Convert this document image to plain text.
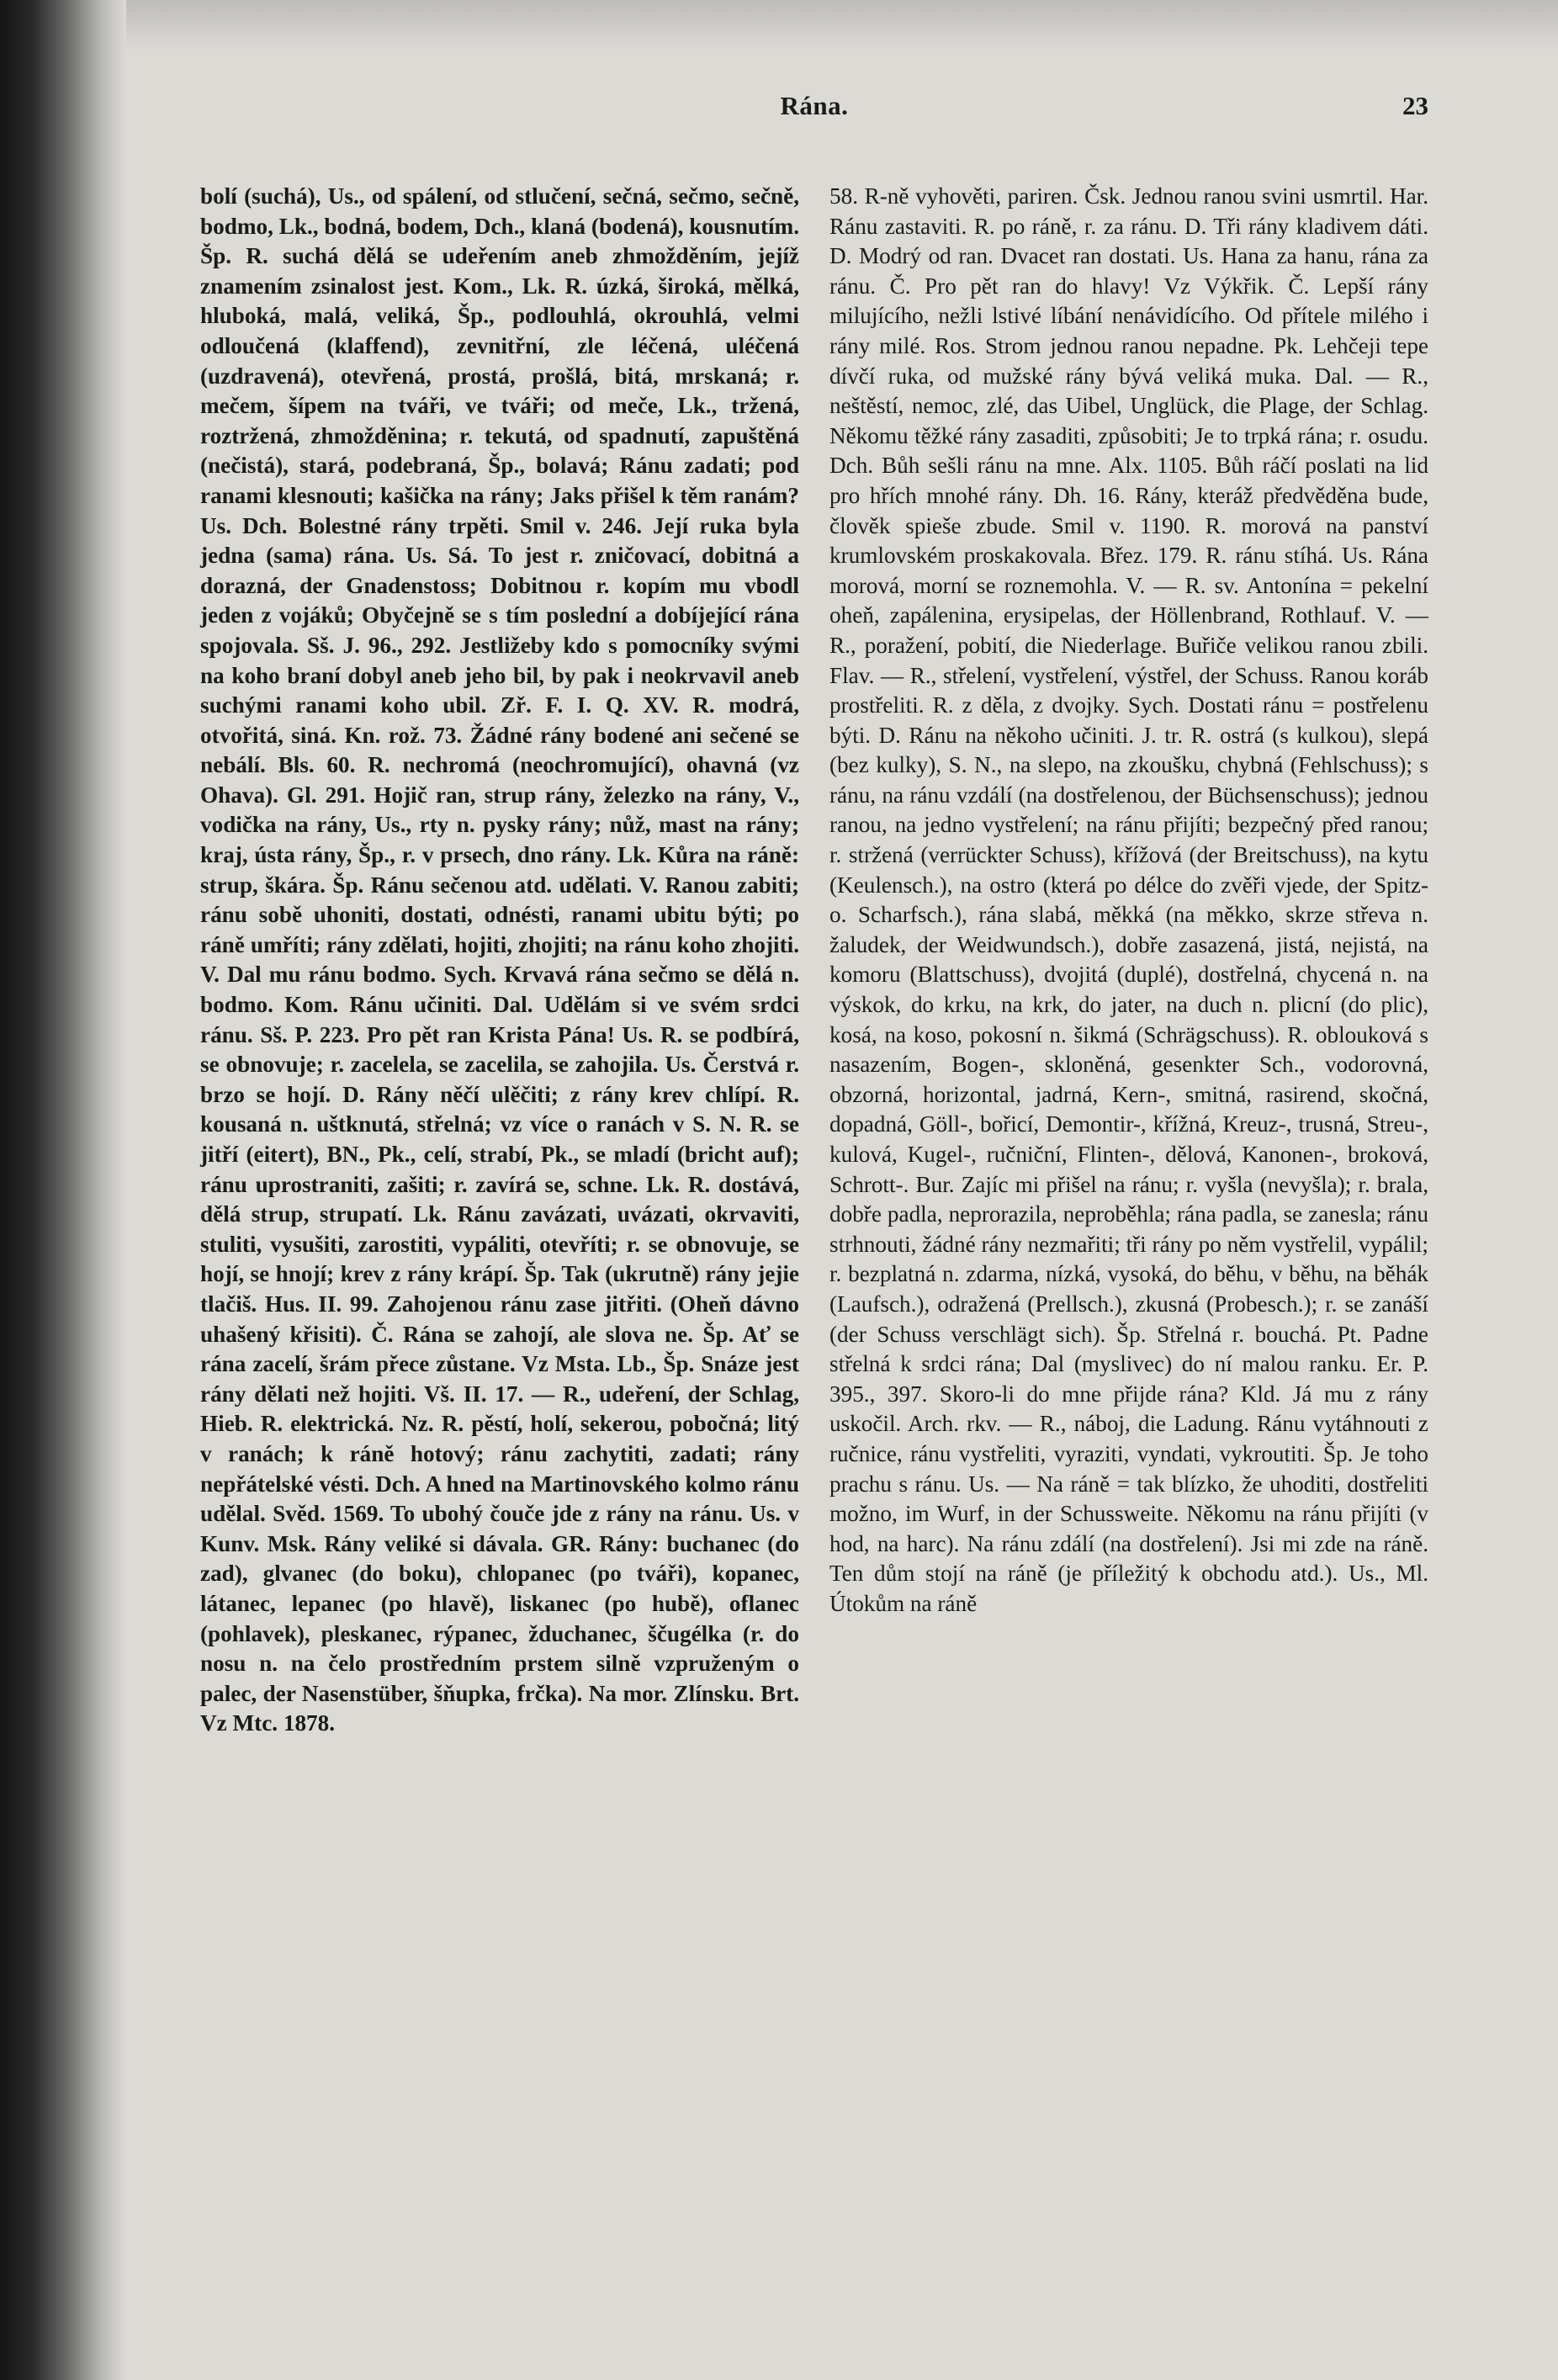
Rána.	23
bolí (suchá), Us., od spálení, od stlučení, sečná, sečmo, sečně, bodmo, Lk., bodná, bodem, Dch., klaná (bodená), kousnutím. Šp. R. suchá dělá se udeřením aneb zhmožděním, jejíž znamením zsinalost jest. Kom., Lk. R. úzká, široká, mělká, hluboká, malá, veliká, Šp., podlouhlá, okrouhlá, velmi odloučená (klaffend), zevnitřní, zle léčená, uléčená (uzdravená), otevřená, prostá, prošlá, bitá, mrskaná; r. mečem, šípem na tváři, ve tváři; od meče, Lk., tržená, roztržená, zhmožděnina; r. tekutá, od spadnutí, zapuštěná (nečistá), stará, podebraná, Šp., bolavá; Ránu zadati; pod ranami klesnouti; kašička na rány; Jaks přišel k těm ranám? Us. Dch. Bolestné rány trpěti. Smil v. 246. Její ruka byla jedna (sama) rána. Us. Sá. To jest r. zničovací, dobitná a dorazná, der Gnadenstoss; Dobitnou r. kopím mu vbodl jeden z vojáků; Obyčejně se s tím poslední a dobíjející rána spojovala. Sš. J. 96., 292. Jestližeby kdo s pomocníky svými na koho braní dobyl aneb jeho bil, by pak i neokrvavil aneb suchými ranami koho ubil. Zř. F. I. Q. XV. R. modrá, otvořitá, siná. Kn. rož. 73. Žádné rány bodené ani sečené se nebálí. Bls. 60. R. nechromá (neochromující), ohavná (vz Ohava). Gl. 291. Hojič ran, strup rány, železko na rány, V., vodička na rány, Us., rty n. pysky rány; nůž, mast na rány; kraj, ústa rány, Šp., r. v prsech, dno rány. Lk. Kůra na ráně: strup, škára. Šp. Ránu sečenou atd. udělati. V. Ranou zabiti; ránu sobě uhoniti, dostati, odnésti, ranami ubitu býti; po ráně umříti; rány zdělati, hojiti, zhojiti; na ránu koho zhojiti. V. Dal mu ránu bodmo. Sych. Krvavá rána sečmo se dělá n. bodmo. Kom. Ránu učiniti. Dal. Udělám si ve svém srdci ránu. Sš. P. 223. Pro pět ran Krista Pána! Us. R. se podbírá, se obnovuje; r. zacelela, se zacelila, se zahojila. Us. Čerstvá r. brzo se hojí. D. Rány něčí ulěčiti; z rány krev chlípí. R. kousaná n. uštknutá, střelná; vz více o ranách v S. N. R. se jitří (eitert), BN., Pk., celí, strabí, Pk., se mladí (bricht auf); ránu uprostraniti, zašiti; r. zavírá se, schne. Lk. R. dostává, dělá strup, strupatí. Lk. Ránu zavázati, uvázati, okrvaviti, stuliti, vysušiti, zarostiti, vypáliti, otevříti; r. se obnovuje, se hojí, se hnojí; krev z rány krápí. Šp. Tak (ukrutně) rány jejie tlačiš. Hus. II. 99. Zahojenou ránu zase jitřiti. (Oheň dávno uhašený křisiti). Č. Rána se zahojí, ale slova ne. Šp. Ať se rána zacelí, šrám přece zůstane. Vz Msta. Lb., Šp. Snáze jest rány dělati než hojiti. Vš. II. 17. — R., udeření, der Schlag, Hieb. R. elektrická. Nz. R. pěstí, holí, sekerou, pobočná; litý v ranách; k ráně hotový; ránu zachytiti, zadati; rány nepřátelské vésti. Dch. A hned na Martinovského kolmo ránu udělal. Svěd. 1569. To ubohý čouče jde z rány na ránu. Us. v Kunv. Msk. Rány veliké si dávala. GR. Rány: buchanec (do zad), glvanec (do boku), chlopanec (po tváři), kopanec, látanec, lepanec (po hlavě), liskanec (po hubě), oflanec (pohlavek), pleskanec, rýpanec, žduchanec, ščugélka (r. do nosu n. na čelo prostředním prstem silně vzpruženým o palec, der Nasenstüber, šňupka, frčka). Na mor. Zlínsku. Brt. Vz Mtc. 1878.
58. R-ně vyhověti, pariren. Čsk. Jednou ranou svini usmrtil. Har. Ránu zastaviti. R. po ráně, r. za ránu. D. Tři rány kladivem dáti. D. Modrý od ran. Dvacet ran dostati. Us. Hana za hanu, rána za ránu. Č. Pro pět ran do hlavy! Vz Výkřik. Č. Lepší rány milujícího, nežli lstivé líbání nenávidícího. Od přítele milého i rány milé. Ros. Strom jednou ranou nepadne. Pk. Lehčeji tepe dívčí ruka, od mužské rány bývá veliká muka. Dal. — R., neštěstí, nemoc, zlé, das Uibel, Unglück, die Plage, der Schlag. Někomu těžké rány zasaditi, způsobiti; Je to trpká rána; r. osudu. Dch. Bůh sešli ránu na mne. Alx. 1105. Bůh ráčí poslati na lid pro hřích mnohé rány. Dh. 16. Rány, kteráž předvěděna bude, člověk spieše zbude. Smil v. 1190. R. morová na panství krumlovském proskakovala. Břez. 179. R. ránu stíhá. Us. Rána morová, morní se roznemohla. V. — R. sv. Antonína = pekelní oheň, zapálenina, erysipelas, der Höllenbrand, Rothlauf. V. — R., poražení, pobití, die Niederlage. Buřiče velikou ranou zbili. Flav. — R., střelení, vystřelení, výstřel, der Schuss. Ranou koráb prostřeliti. R. z děla, z dvojky. Sych. Dostati ránu = postřelenu býti. D. Ránu na někoho učiniti. J. tr. R. ostrá (s kulkou), slepá (bez kulky), S. N., na slepo, na zkoušku, chybná (Fehlschuss); s ránu, na ránu vzdálí (na dostřelenou, der Büchsenschuss); jednou ranou, na jedno vystřelení; na ránu přijíti; bezpečný před ranou; r. stržená (verrückter Schuss), křížová (der Breitschuss), na kytu (Keulensch.), na ostro (která po délce do zvěři vjede, der Spitz- o. Scharfsch.), rána slabá, měkká (na měkko, skrze střeva n. žaludek, der Weidwundsch.), dobře zasazená, jistá, nejistá, na komoru (Blattschuss), dvojitá (duplé), dostřelná, chycená n. na výskok, do krku, na krk, do jater, na duch n. plicní (do plic), kosá, na koso, pokosní n. šikmá (Schrägschuss). R. oblouková s nasazením, Bogen-, skloněná, gesenkter Sch., vodorovná, obzorná, horizontal, jadrná, Kern-, smitná, rasirend, skočná, dopadná, Göll-, bořicí, Demontir-, křížná, Kreuz-, trusná, Streu-, kulová, Kugel-, ručniční, Flinten-, dělová, Kanonen-, broková, Schrott-. Bur. Zajíc mi přišel na ránu; r. vyšla (nevyšla); r. brala, dobře padla, neprorazila, neproběhla; rána padla, se zanesla; ránu strhnouti, žádné rány nezmařiti; tři rány po něm vystřelil, vypálil; r. bezplatná n. zdarma, nízká, vysoká, do běhu, v běhu, na běhák (Laufsch.), odražená (Prellsch.), zkusná (Probesch.); r. se zanáší (der Schuss verschlägt sich). Šp. Střelná r. bouchá. Pt. Padne střelná k srdci rána; Dal (myslivec) do ní malou ranku. Er. P. 395., 397. Skoro-li do mne přijde rána? Kld. Já mu z rány uskočil. Arch. rkv. — R., náboj, die Ladung. Ránu vytáhnouti z ručnice, ránu vystřeliti, vyraziti, vyndati, vykroutiti. Šp. Je toho prachu s ránu. Us. — Na ráně = tak blízko, že uhoditi, dostřeliti možno, im Wurf, in der Schussweite. Někomu na ránu přijíti (v hod, na harc). Na ránu zdálí (na dostřelení). Jsi mi zde na ráně. Ten dům stojí na ráně (je příležitý k obchodu atd.). Us., Ml. Útokům na ráně
